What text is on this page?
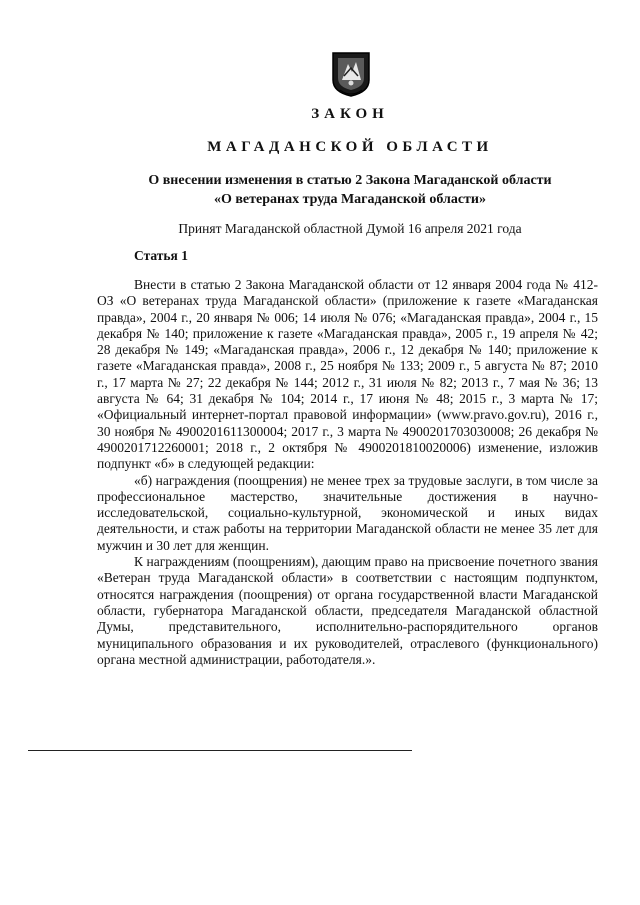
ЗАКОН
МАГАДАНСКОЙ ОБЛАСТИ
О внесении изменения в статью 2 Закона Магаданской области
«О ветеранах труда Магаданской области»
Принят Магаданской областной Думой 16 апреля 2021 года
Статья 1

Внести в статью 2 Закона Магаданской области от 12 января 2004 года № 412-ОЗ «О ветеранах труда Магаданской области» (приложение к газете «Магаданская правда», 2004 г., 20 января № 006; 14 июля № 076; «Магаданская правда», 2004 г., 15 декабря № 140; приложение к газете «Магаданская правда», 2005 г., 19 апреля № 42; 28 декабря № 149; «Магаданская правда», 2006 г., 12 декабря № 140; приложение к газете «Магаданская правда», 2008 г., 25 ноября № 133; 2009 г., 5 августа № 87; 2010 г., 17 марта № 27; 22 декабря № 144; 2012 г., 31 июля № 82; 2013 г., 7 мая № 36; 13 августа № 64; 31 декабря № 104; 2014 г., 17 июня № 48; 2015 г., 3 марта № 17; «Официальный интернет-портал правовой информации» (www.pravo.gov.ru), 2016 г., 30 ноября № 4900201611300004; 2017 г., 3 марта № 4900201703030008; 26 декабря № 4900201712260001; 2018 г., 2 октября № 4900201810020006) изменение, изложив подпункт «б» в следующей редакции:

«б) награждения (поощрения) не менее трех за трудовые заслуги, в том числе за профессиональное мастерство, значительные достижения в научно-исследовательской, социально-культурной, экономической и иных видах деятельности, и стаж работы на территории Магаданской области не менее 35 лет для мужчин и 30 лет для женщин.

К награждениям (поощрениям), дающим право на присвоение почетного звания «Ветеран труда Магаданской области» в соответствии с настоящим подпунктом, относятся награждения (поощрения) от органа государственной власти Магаданской области, губернатора Магаданской области, председателя Магаданской областной Думы, представительного, исполнительно-распорядительного органов муниципального образования и их руководителей, отраслевого (функционального) органа местной администрации, работодателя.».
